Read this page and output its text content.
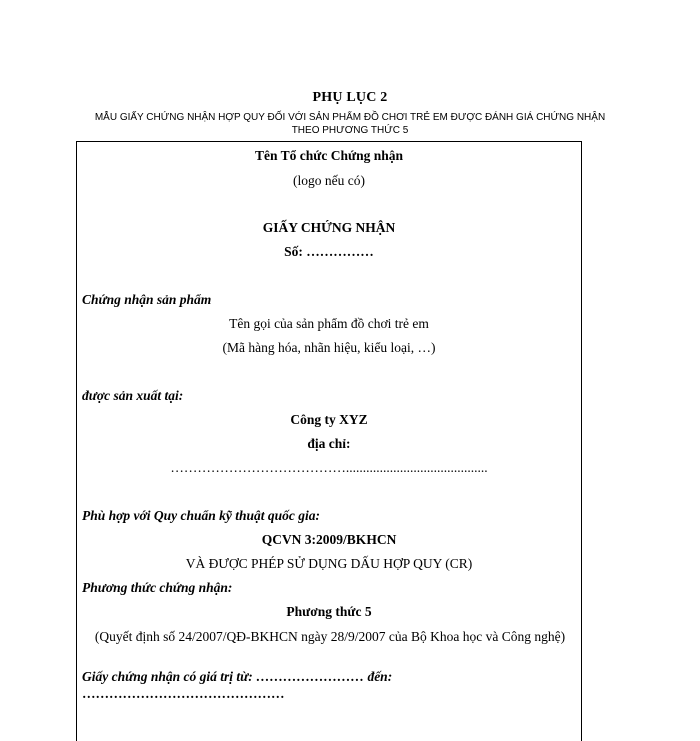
PHỤ LỤC 2
MẪU GIẤY CHỨNG NHẬN HỢP QUY ĐỐI VỚI SẢN PHẨM ĐỒ CHƠI TRẺ EM ĐƯỢC ĐÁNH GIÁ CHỨNG NHẬN THEO PHƯƠNG THỨC 5
Tên Tổ chức Chứng nhận
(logo nếu có)
GIẤY CHỨNG NHẬN
Số: ……………
Chứng nhận sản phẩm
Tên gọi của sản phẩm đồ chơi trẻ em
(Mã hàng hóa, nhãn hiệu, kiểu loại, …)
được sản xuất tại:
Công ty XYZ
địa chỉ:
…………………………………..........................................
Phù hợp với Quy chuẩn kỹ thuật quốc gia:
QCVN 3:2009/BKHCN
VÀ ĐƯỢC PHÉP SỬ DỤNG DẤU HỢP QUY (CR)
Phương thức chứng nhận:
Phương thức 5
(Quyết định số 24/2007/QĐ-BKHCN ngày 28/9/2007 của Bộ Khoa học và Công nghệ)
Giấy chứng nhận có giá trị từ: …………………… đến:
………………………………………
